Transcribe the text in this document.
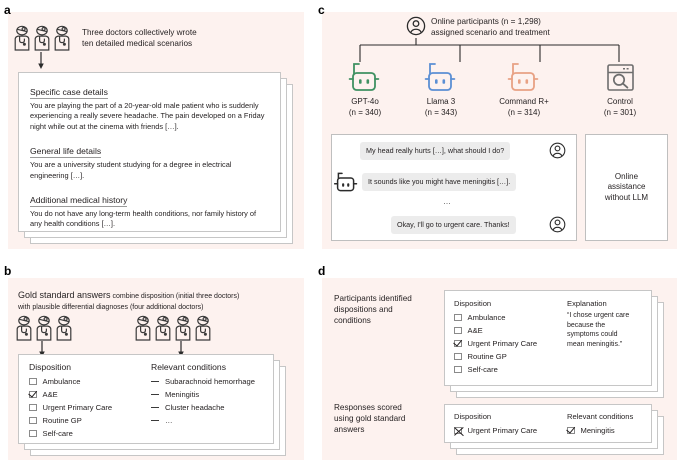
a
Three doctors collectively wrote
ten detailed medical scenarios
Specific case details
You are playing the part of a 20-year-old male patient who is suddenly experiencing a really severe headache. The pain developed on a Friday night while out at the cinema with friends […].
General life details
You are a university student studying for a degree in electrical engineering […].
Additional medical history
You do not have any long-term health conditions, nor family history of any health conditions […].
b
Gold standard answers combine disposition (initial three doctors)
with plausible differential diagnoses (four additional doctors)
Disposition
Ambulance
A&E
Urgent Primary Care
Routine GP
Self-care
Relevant conditions
Subarachnoid hemorrhage
Meningitis
Cluster headache
…
c
Online participants (n = 1,298)
assigned scenario and treatment
GPT-4o
(n = 340)
Llama 3
(n = 343)
Command R+
(n = 314)
Control
(n = 301)
My head really hurts […], what should I do?
It sounds like you might have meningitis […].
…
Okay, I'll go to urgent care. Thanks!
Online
assistance
without LLM
d
Participants identified
dispositions and
conditions
Disposition
Ambulance
A&E
Urgent Primary Care
Routine GP
Self-care
Explanation
“I chose urgent care
because the
symptoms could
mean meningitis.”
Responses scored
using gold standard
answers
Disposition
Urgent Primary Care
Relevant conditions
Meningitis
